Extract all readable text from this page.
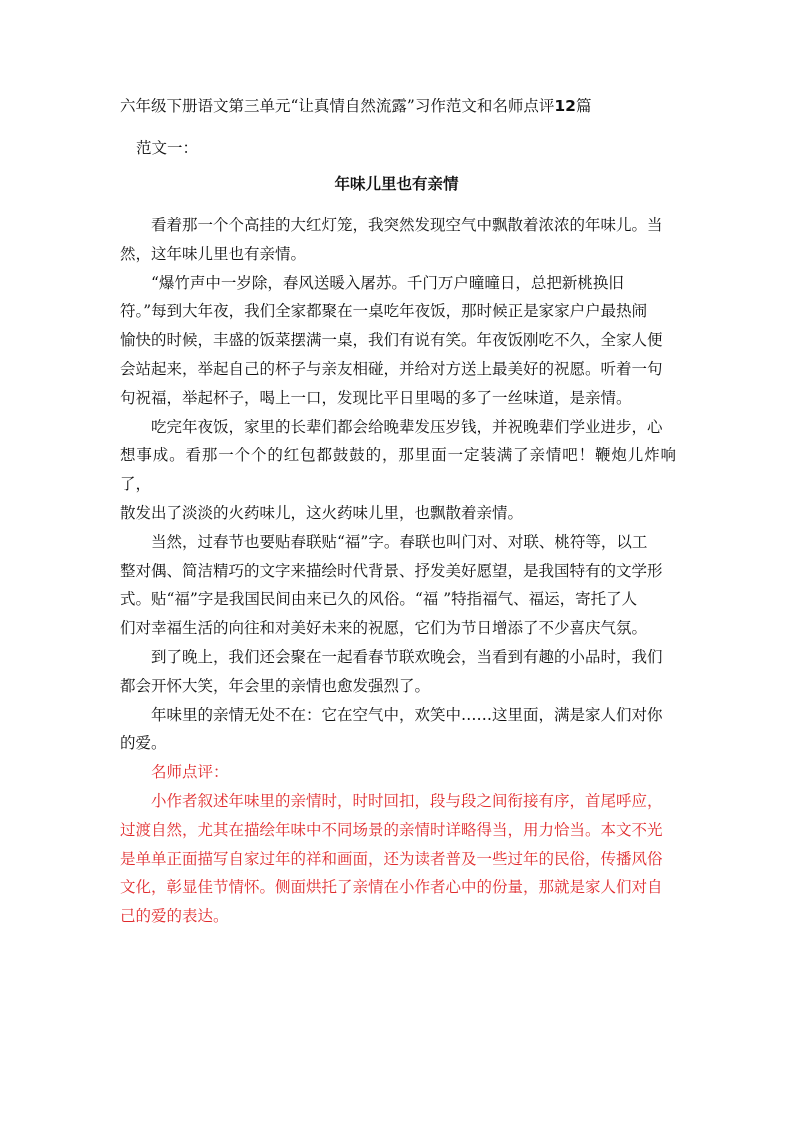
六年级下册语文第三单元“让真情自然流露”习作范文和名师点评12篇
范文一：
年味儿里也有亲情

看着那一个个高挂的大红灯笼，我突然发现空气中飘散着浓浓的年味儿。当
然，这年味儿里也有亲情。

“爆竹声中一岁除，春风送暖入屠苏。千门万户曈曈日，总把新桃换旧
符。”每到大年夜，我们全家都聚在一桌吃年夜饭，那时候正是家家户户最热闹
愉快的时候，丰盛的饭菜摆满一桌，我们有说有笑。年夜饭刚吃不久，全家人便
会站起来，举起自己的杯子与亲友相碰，并给对方送上最美好的祝愿。听着一句
句祝福，举起杯子，喝上一口，发现比平日里喝的多了一丝味道，是亲情。

吃完年夜饭，家里的长辈们都会给晚辈发压岁钱，并祝晚辈们学业进步，心
想事成。看那一个个的红包都鼓鼓的，那里面一定装满了亲情吧！鞭炮儿炸响了，
散发出了淡淡的火药味儿，这火药味儿里，也飘散着亲情。

当然，过春节也要贴春联贴“福”字。春联也叫门对、对联、桃符等，以工
整对偶、简洁精巧的文字来描绘时代背景、抒发美好愿望，是我国特有的文学形
式。贴“福”字是我国民间由来已久的风俗。“福 ”特指福气、福运，寄托了人
们对幸福生活的向往和对美好未来的祝愿，它们为节日增添了不少喜庆气氛。

到了晚上，我们还会聚在一起看春节联欢晚会，当看到有趣的小品时，我们
都会开怀大笑，年会里的亲情也愈发强烈了。

年味里的亲情无处不在：它在空气中，欢笑中……这里面，满是家人们对你
的爱。

名师点评：

小作者叙述年味里的亲情时，时时回扣，段与段之间衔接有序，首尾呼应，
过渡自然，尤其在描绘年味中不同场景的亲情时详略得当，用力恰当。本文不光
是单单正面描写自家过年的祥和画面，还为读者普及一些过年的民俗，传播风俗
文化，彰显佳节情怀。侧面烘托了亲情在小作者心中的份量，那就是家人们对自
己的爱的表达。
